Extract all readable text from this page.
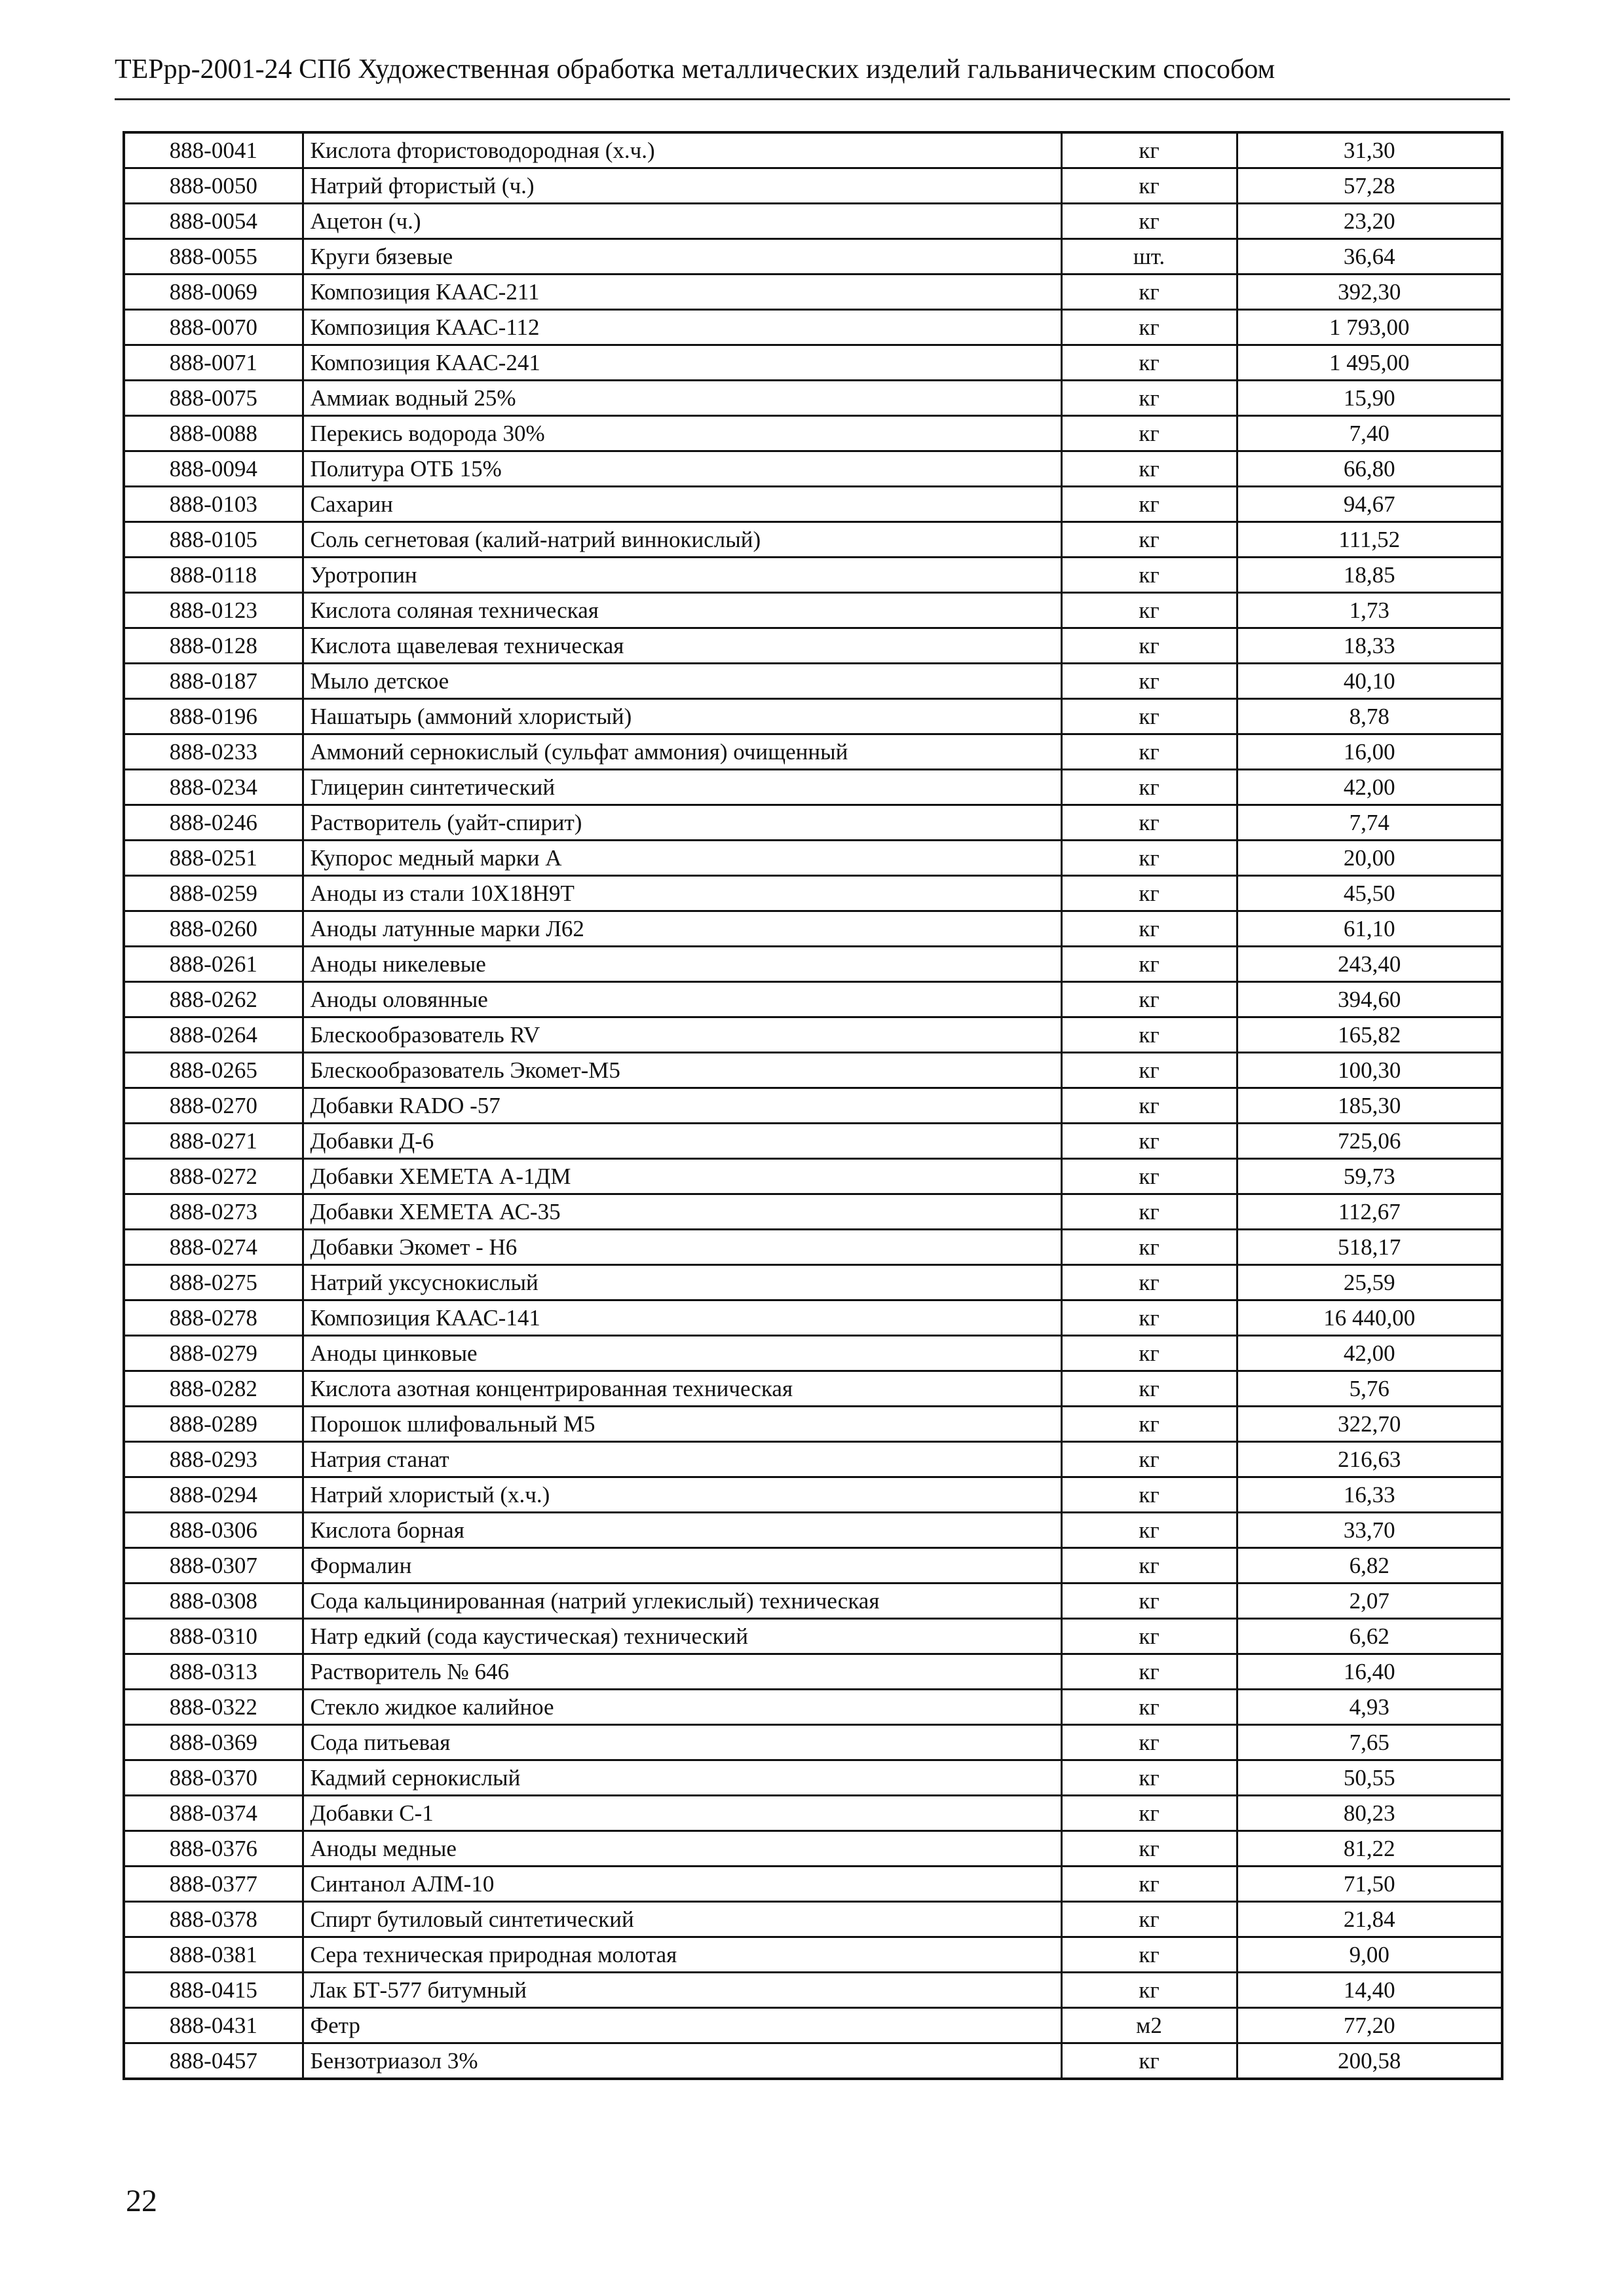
ТЕРрр-2001-24 СПб Художественная обработка металлических изделий гальваническим способом
888-0041	Кислота фтористоводородная (х.ч.)	кг	31,30
888-0050	Натрий фтористый (ч.)	кг	57,28
888-0054	Ацетон (ч.)	кг	23,20
888-0055	Круги бязевые	шт.	36,64
888-0069	Композиция КААС-211	кг	392,30
888-0070	Композиция КААС-112	кг	1 793,00
888-0071	Композиция КААС-241	кг	1 495,00
888-0075	Аммиак водный 25%	кг	15,90
888-0088	Перекись водорода 30%	кг	7,40
888-0094	Политура ОТБ 15%	кг	66,80
888-0103	Сахарин	кг	94,67
888-0105	Соль сегнетовая (калий-натрий виннокислый)	кг	111,52
888-0118	Уротропин	кг	18,85
888-0123	Кислота соляная техническая	кг	1,73
888-0128	Кислота щавелевая техническая	кг	18,33
888-0187	Мыло детское	кг	40,10
888-0196	Нашатырь (аммоний хлористый)	кг	8,78
888-0233	Аммоний сернокислый (сульфат аммония) очищенный	кг	16,00
888-0234	Глицерин синтетический	кг	42,00
888-0246	Растворитель (уайт-спирит)	кг	7,74
888-0251	Купорос медный марки А	кг	20,00
888-0259	Аноды из стали 10Х18Н9Т	кг	45,50
888-0260	Аноды латунные марки Л62	кг	61,10
888-0261	Аноды никелевые	кг	243,40
888-0262	Аноды оловянные	кг	394,60
888-0264	Блескообразователь RV	кг	165,82
888-0265	Блескообразователь Экомет-М5	кг	100,30
888-0270	Добавки RADO -57	кг	185,30
888-0271	Добавки Д-6	кг	725,06
888-0272	Добавки ХЕМЕТА А-1ДМ	кг	59,73
888-0273	Добавки ХЕМЕТА АС-35	кг	112,67
888-0274	Добавки Экомет - Н6	кг	518,17
888-0275	Натрий уксуснокислый	кг	25,59
888-0278	Композиция КААС-141	кг	16 440,00
888-0279	Аноды цинковые	кг	42,00
888-0282	Кислота азотная концентрированная техническая	кг	5,76
888-0289	Порошок шлифовальный М5	кг	322,70
888-0293	Натрия станат	кг	216,63
888-0294	Натрий хлористый (х.ч.)	кг	16,33
888-0306	Кислота борная	кг	33,70
888-0307	Формалин	кг	6,82
888-0308	Сода кальцинированная (натрий углекислый) техническая	кг	2,07
888-0310	Натр едкий (сода каустическая) технический	кг	6,62
888-0313	Растворитель № 646	кг	16,40
888-0322	Стекло жидкое калийное	кг	4,93
888-0369	Сода питьевая	кг	7,65
888-0370	Кадмий сернокислый	кг	50,55
888-0374	Добавки С-1	кг	80,23
888-0376	Аноды медные	кг	81,22
888-0377	Синтанол АЛМ-10	кг	71,50
888-0378	Спирт бутиловый синтетический	кг	21,84
888-0381	Сера техническая природная молотая	кг	9,00
888-0415	Лак БТ-577 битумный	кг	14,40
888-0431	Фетр	м2	77,20
888-0457	Бензотриазол 3%	кг	200,58
22
